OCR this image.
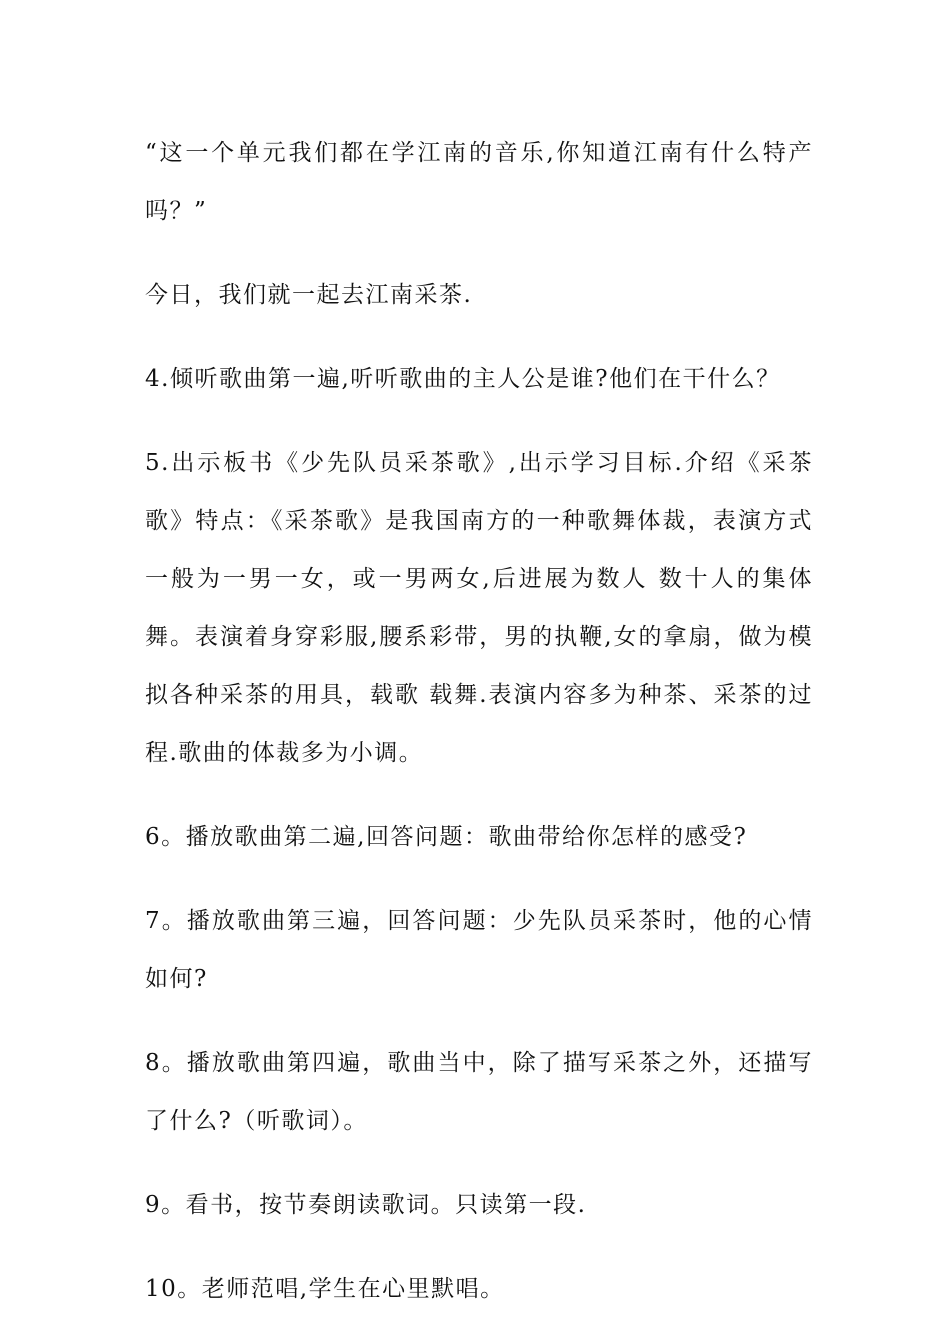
“这一个单元我们都在学江南的音乐,你知道江南有什么特产吗？”

今日，我们就一起去江南采茶.

4.倾听歌曲第一遍,听听歌曲的主人公是谁?他们在干什么？

5.出示板书《少先队员采茶歌》,出示学习目标.介绍《采茶歌》特点：《采茶歌》是我国南方的一种歌舞体裁，表演方式一般为一男一女，或一男两女,后进展为数人 数十人的集体舞。表演着身穿彩服,腰系彩带，男的执鞭,女的拿扇，做为模拟各种采茶的用具，载歌 载舞.表演内容多为种茶、采茶的过程.歌曲的体裁多为小调。

6。播放歌曲第二遍,回答问题：歌曲带给你怎样的感受?

7。播放歌曲第三遍，回答问题：少先队员采茶时，他的心情如何?

8。播放歌曲第四遍，歌曲当中，除了描写采茶之外，还描写了什么?（听歌词）。

9。看书，按节奏朗读歌词。只读第一段.

10。老师范唱,学生在心里默唱。
